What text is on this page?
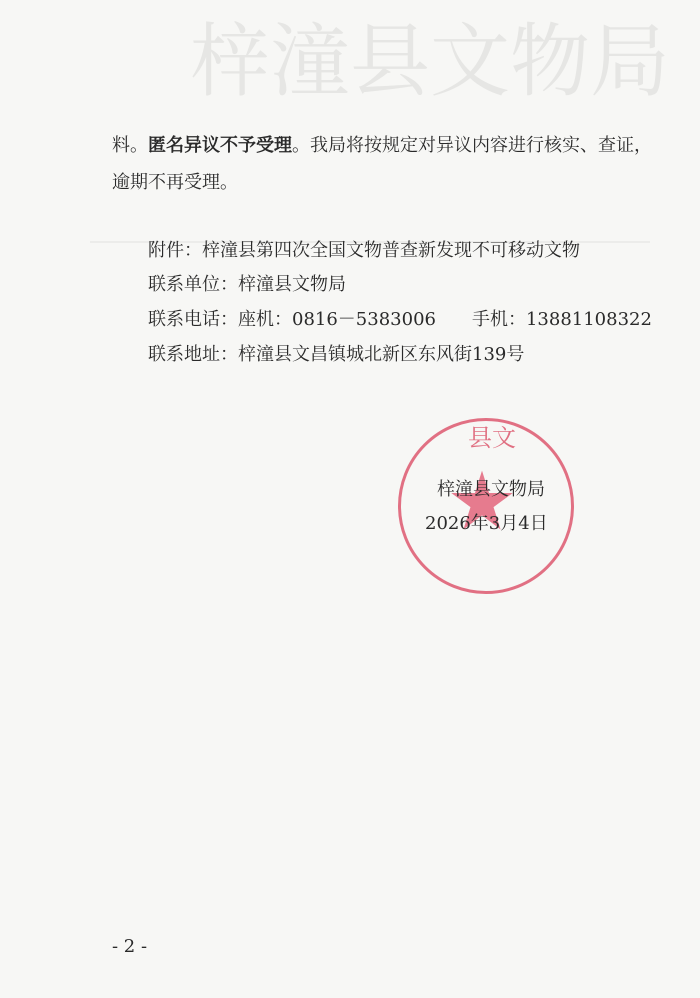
梓潼县文物局
料。匿名异议不予受理。我局将按规定对异议内容进行核实、查证，
逾期不再受理。
附件：梓潼县第四次全国文物普查新发现不可移动文物
联系单位：梓潼县文物局
联系电话：座机：0816－5383006　　手机：13881108322
联系地址：梓潼县文昌镇城北新区东风街139号
县文
梓潼县文物局
2026年3月4日
- 2 -
